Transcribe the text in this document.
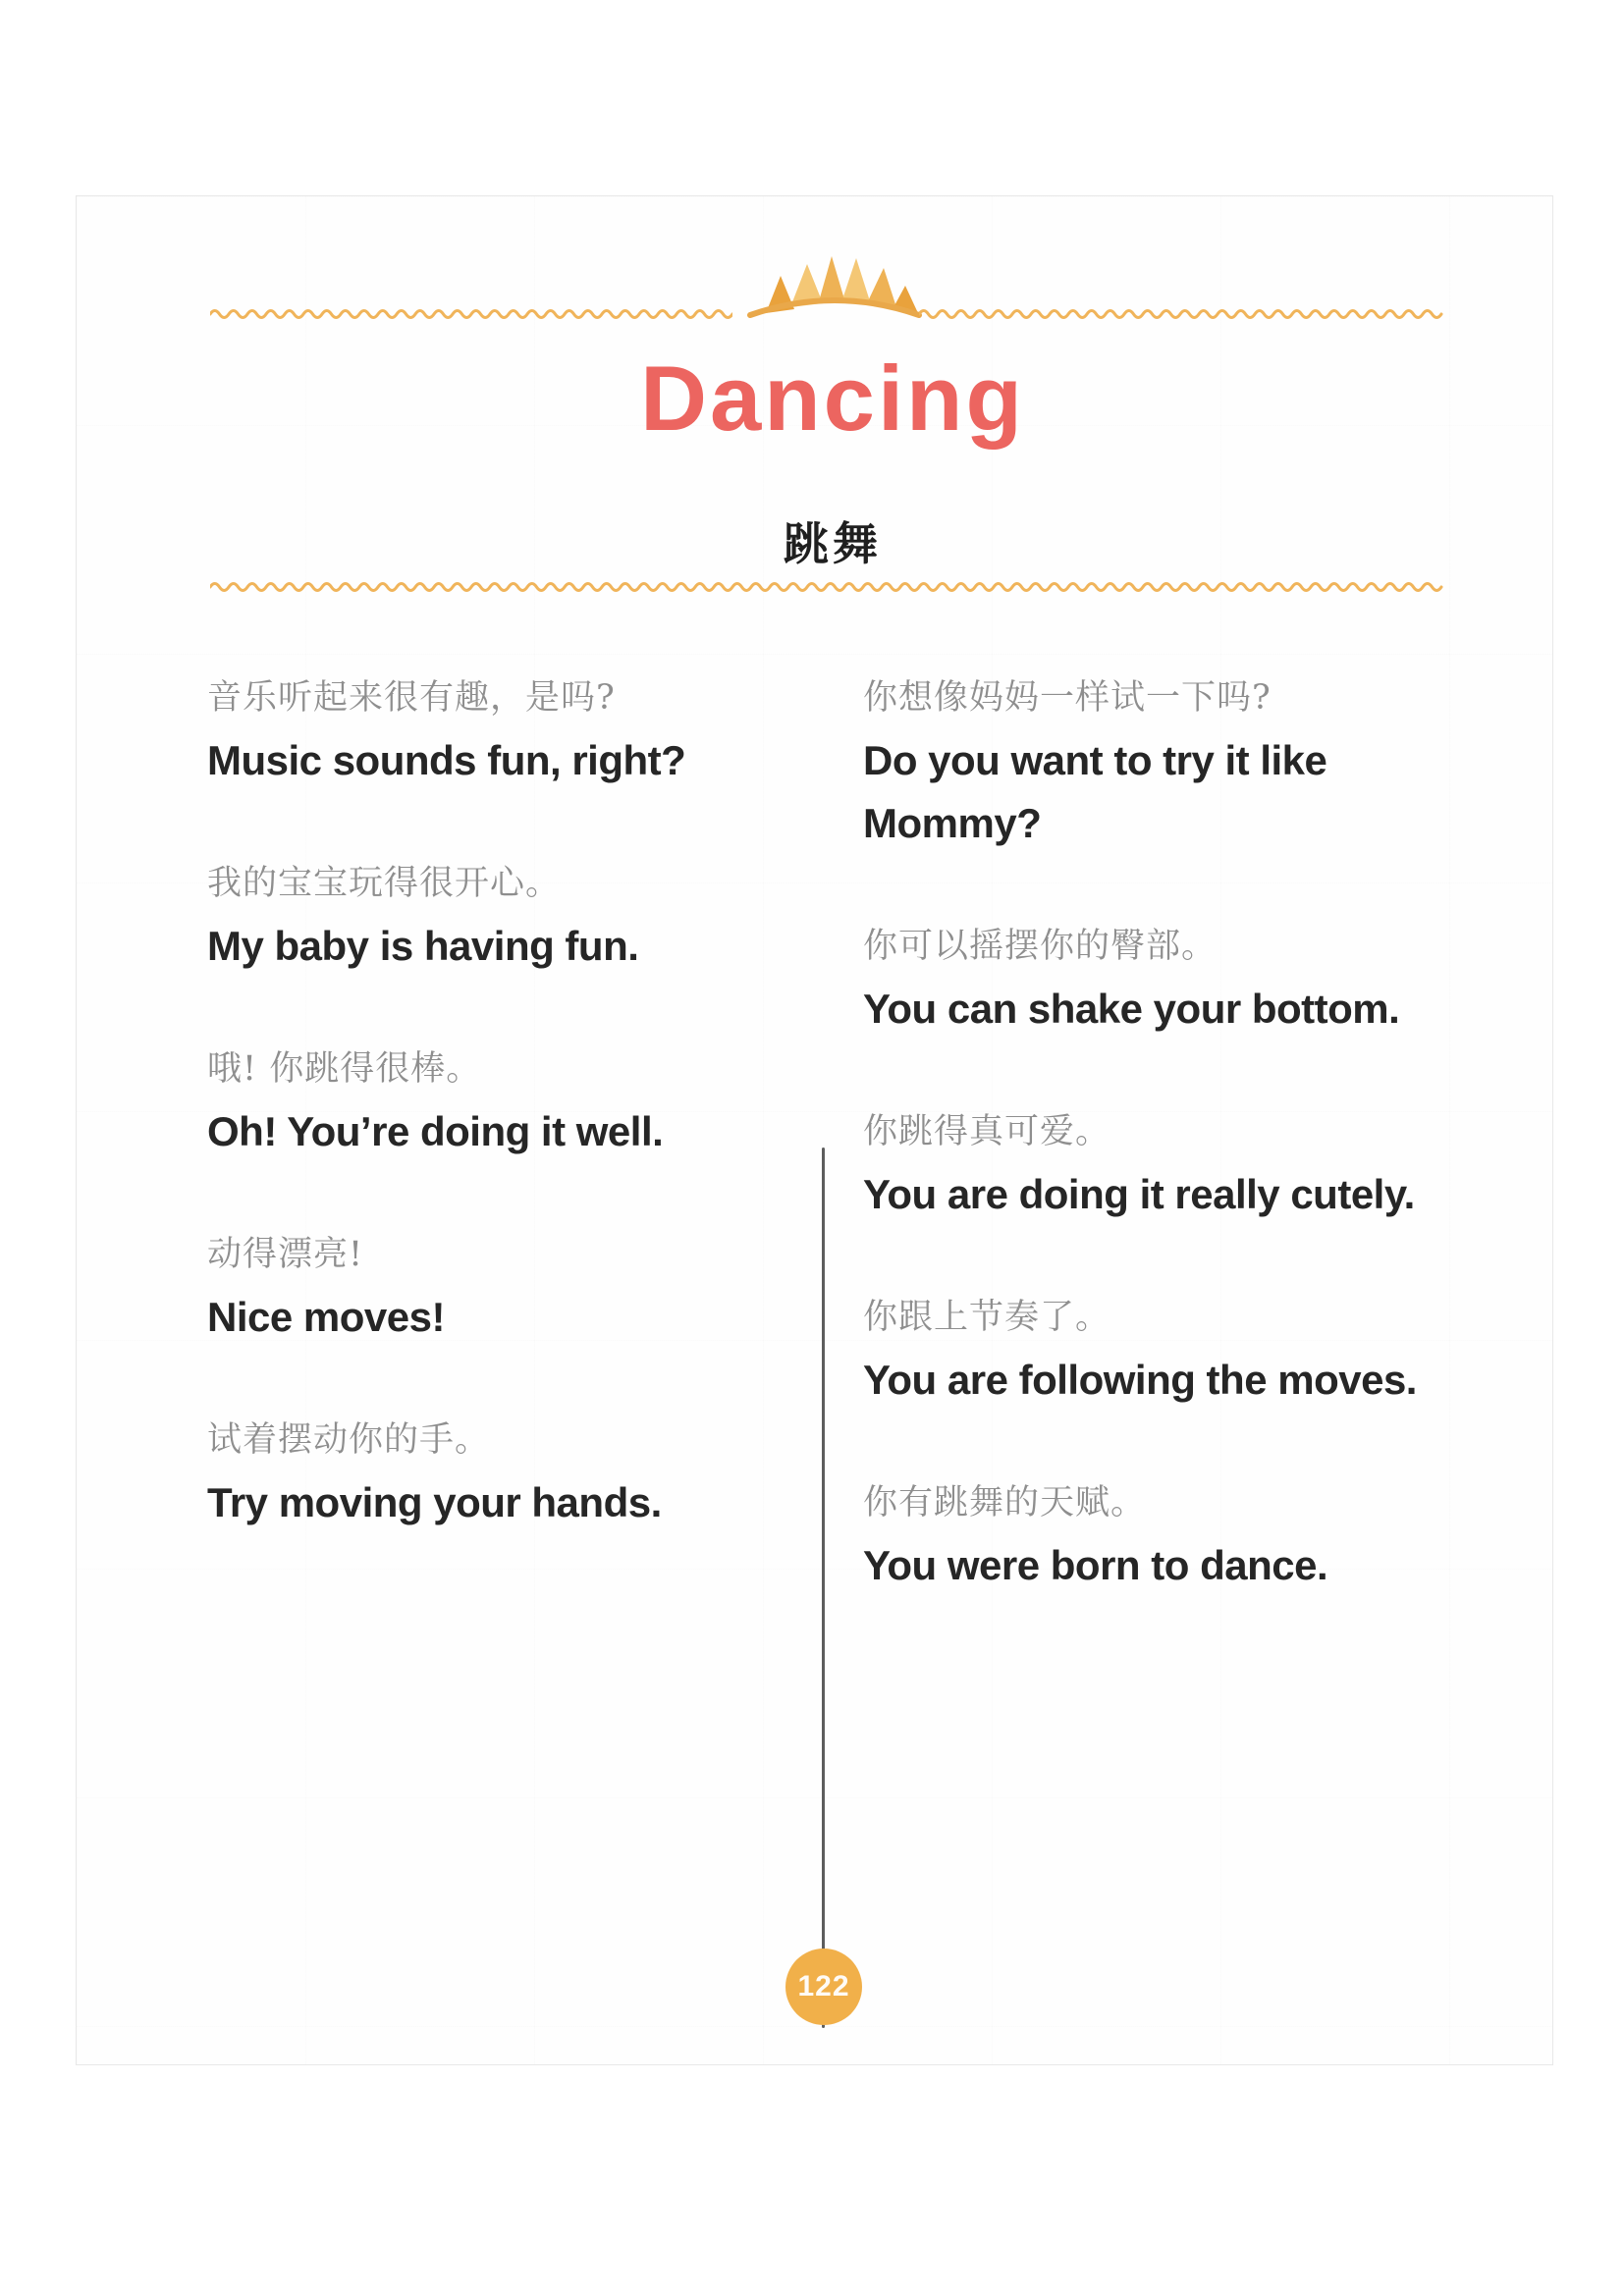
Dancing
跳舞
音乐听起来很有趣，是吗?
Music sounds fun, right?
我的宝宝玩得很开心。
My baby is having fun.
哦! 你跳得很棒。
Oh! You’re doing it well.
动得漂亮!
Nice moves!
试着摆动你的手。
Try moving your hands.
你想像妈妈一样试一下吗?
Do you want to try it like Mommy?
你可以摇摆你的臀部。
You can shake your bottom.
你跳得真可爱。
You are doing it really cutely.
你跟上节奏了。
You are following the moves.
你有跳舞的天赋。
You were born to dance.
122
